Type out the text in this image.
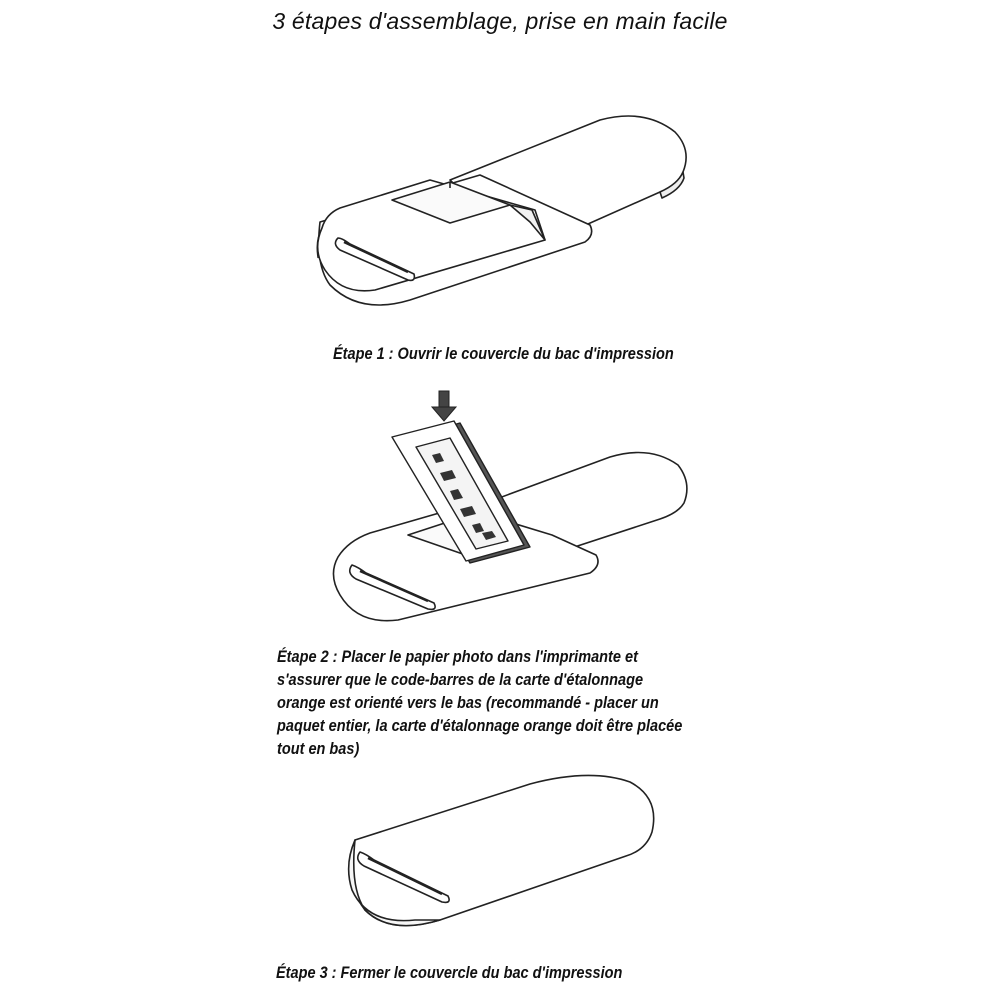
3 étapes d'assemblage, prise en main facile
Étape 1 : Ouvrir le couvercle du bac d'impression
Étape 2 : Placer le papier photo dans l'imprimante et
s'assurer que le code-barres de la carte d'étalonnage
orange est orienté vers le bas (recommandé - placer un
paquet entier, la carte d'étalonnage orange doit être placée
tout en bas)
Étape 3 : Fermer le couvercle du bac d'impression
